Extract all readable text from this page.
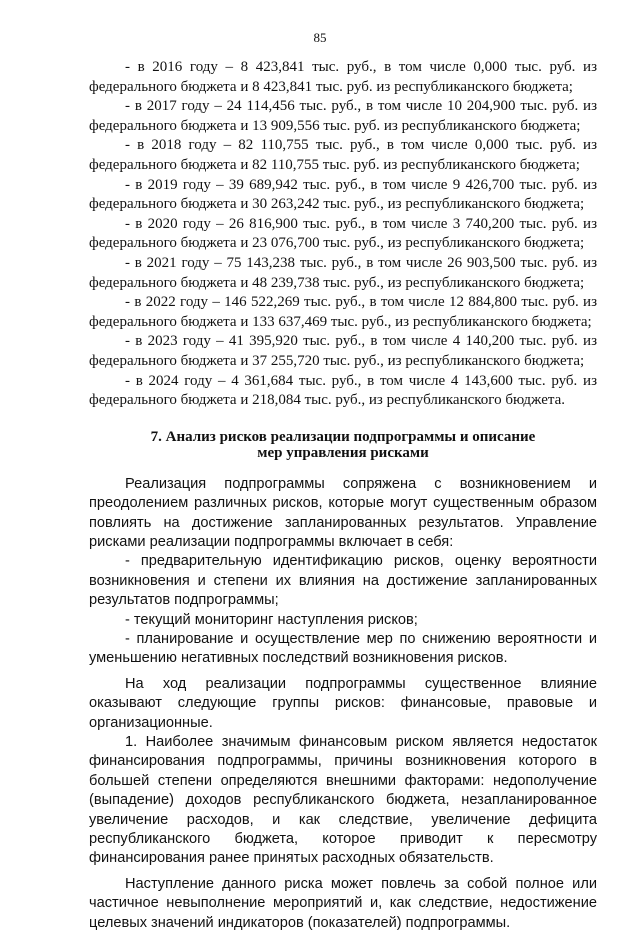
85

- в 2016 году – 8 423,841 тыс. руб., в том числе 0,000 тыс. руб. из федерального бюджета и 8 423,841 тыс. руб. из республиканского бюджета;

- в 2017 году – 24 114,456 тыс. руб., в том числе 10 204,900 тыс. руб. из федерального бюджета и 13 909,556 тыс. руб. из республиканского бюджета;

- в 2018 году – 82 110,755 тыс. руб., в том числе 0,000 тыс. руб. из федерального бюджета и 82 110,755 тыс. руб. из республиканского бюджета;

- в 2019 году – 39 689,942 тыс. руб., в том числе 9 426,700 тыс. руб. из федерального бюджета и 30 263,242 тыс. руб., из республиканского бюджета;

- в 2020 году – 26 816,900 тыс. руб., в том числе 3 740,200 тыс. руб. из федерального бюджета и 23 076,700 тыс. руб., из республиканского бюджета;

- в 2021 году – 75 143,238 тыс. руб., в том числе 26 903,500 тыс. руб. из федерального бюджета и 48 239,738 тыс. руб., из республиканского бюджета;

- в 2022 году – 146 522,269 тыс. руб., в том числе 12 884,800 тыс. руб. из федерального бюджета и 133 637,469 тыс. руб., из республиканского бюджета;

- в 2023 году – 41 395,920 тыс. руб., в том числе 4 140,200 тыс. руб. из федерального бюджета и 37 255,720 тыс. руб., из республиканского бюджета;

- в 2024 году – 4 361,684 тыс. руб., в том числе 4 143,600 тыс. руб. из федерального бюджета и 218,084 тыс. руб., из республиканского бюджета.

7. Анализ рисков реализации подпрограммы и описание
мер управления рисками

Реализация подпрограммы сопряжена с возникновением и преодолением различных рисков, которые могут существенным образом повлиять на достижение запланированных результатов. Управление рисками реализации подпрограммы включает в себя:

- предварительную идентификацию рисков, оценку вероятности возникновения и степени их влияния на достижение запланированных результатов подпрограммы;

- текущий мониторинг наступления рисков;

- планирование и осуществление мер по снижению вероятности и уменьшению негативных последствий возникновения рисков.

На ход реализации подпрограммы существенное влияние оказывают следующие группы рисков: финансовые, правовые и организационные.

1. Наиболее значимым финансовым риском является недостаток финансирования подпрограммы, причины возникновения которого в большей степени определяются внешними факторами: недополучение (выпадение) доходов республиканского бюджета, незапланированное увеличение расходов, и как следствие, увеличение дефицита республиканского бюджета, которое приводит к пересмотру финансирования ранее принятых расходных обязательств.

Наступление данного риска может повлечь за собой полное или частичное невыполнение мероприятий и, как следствие, недостижение целевых значений индикаторов (показателей) подпрограммы.
